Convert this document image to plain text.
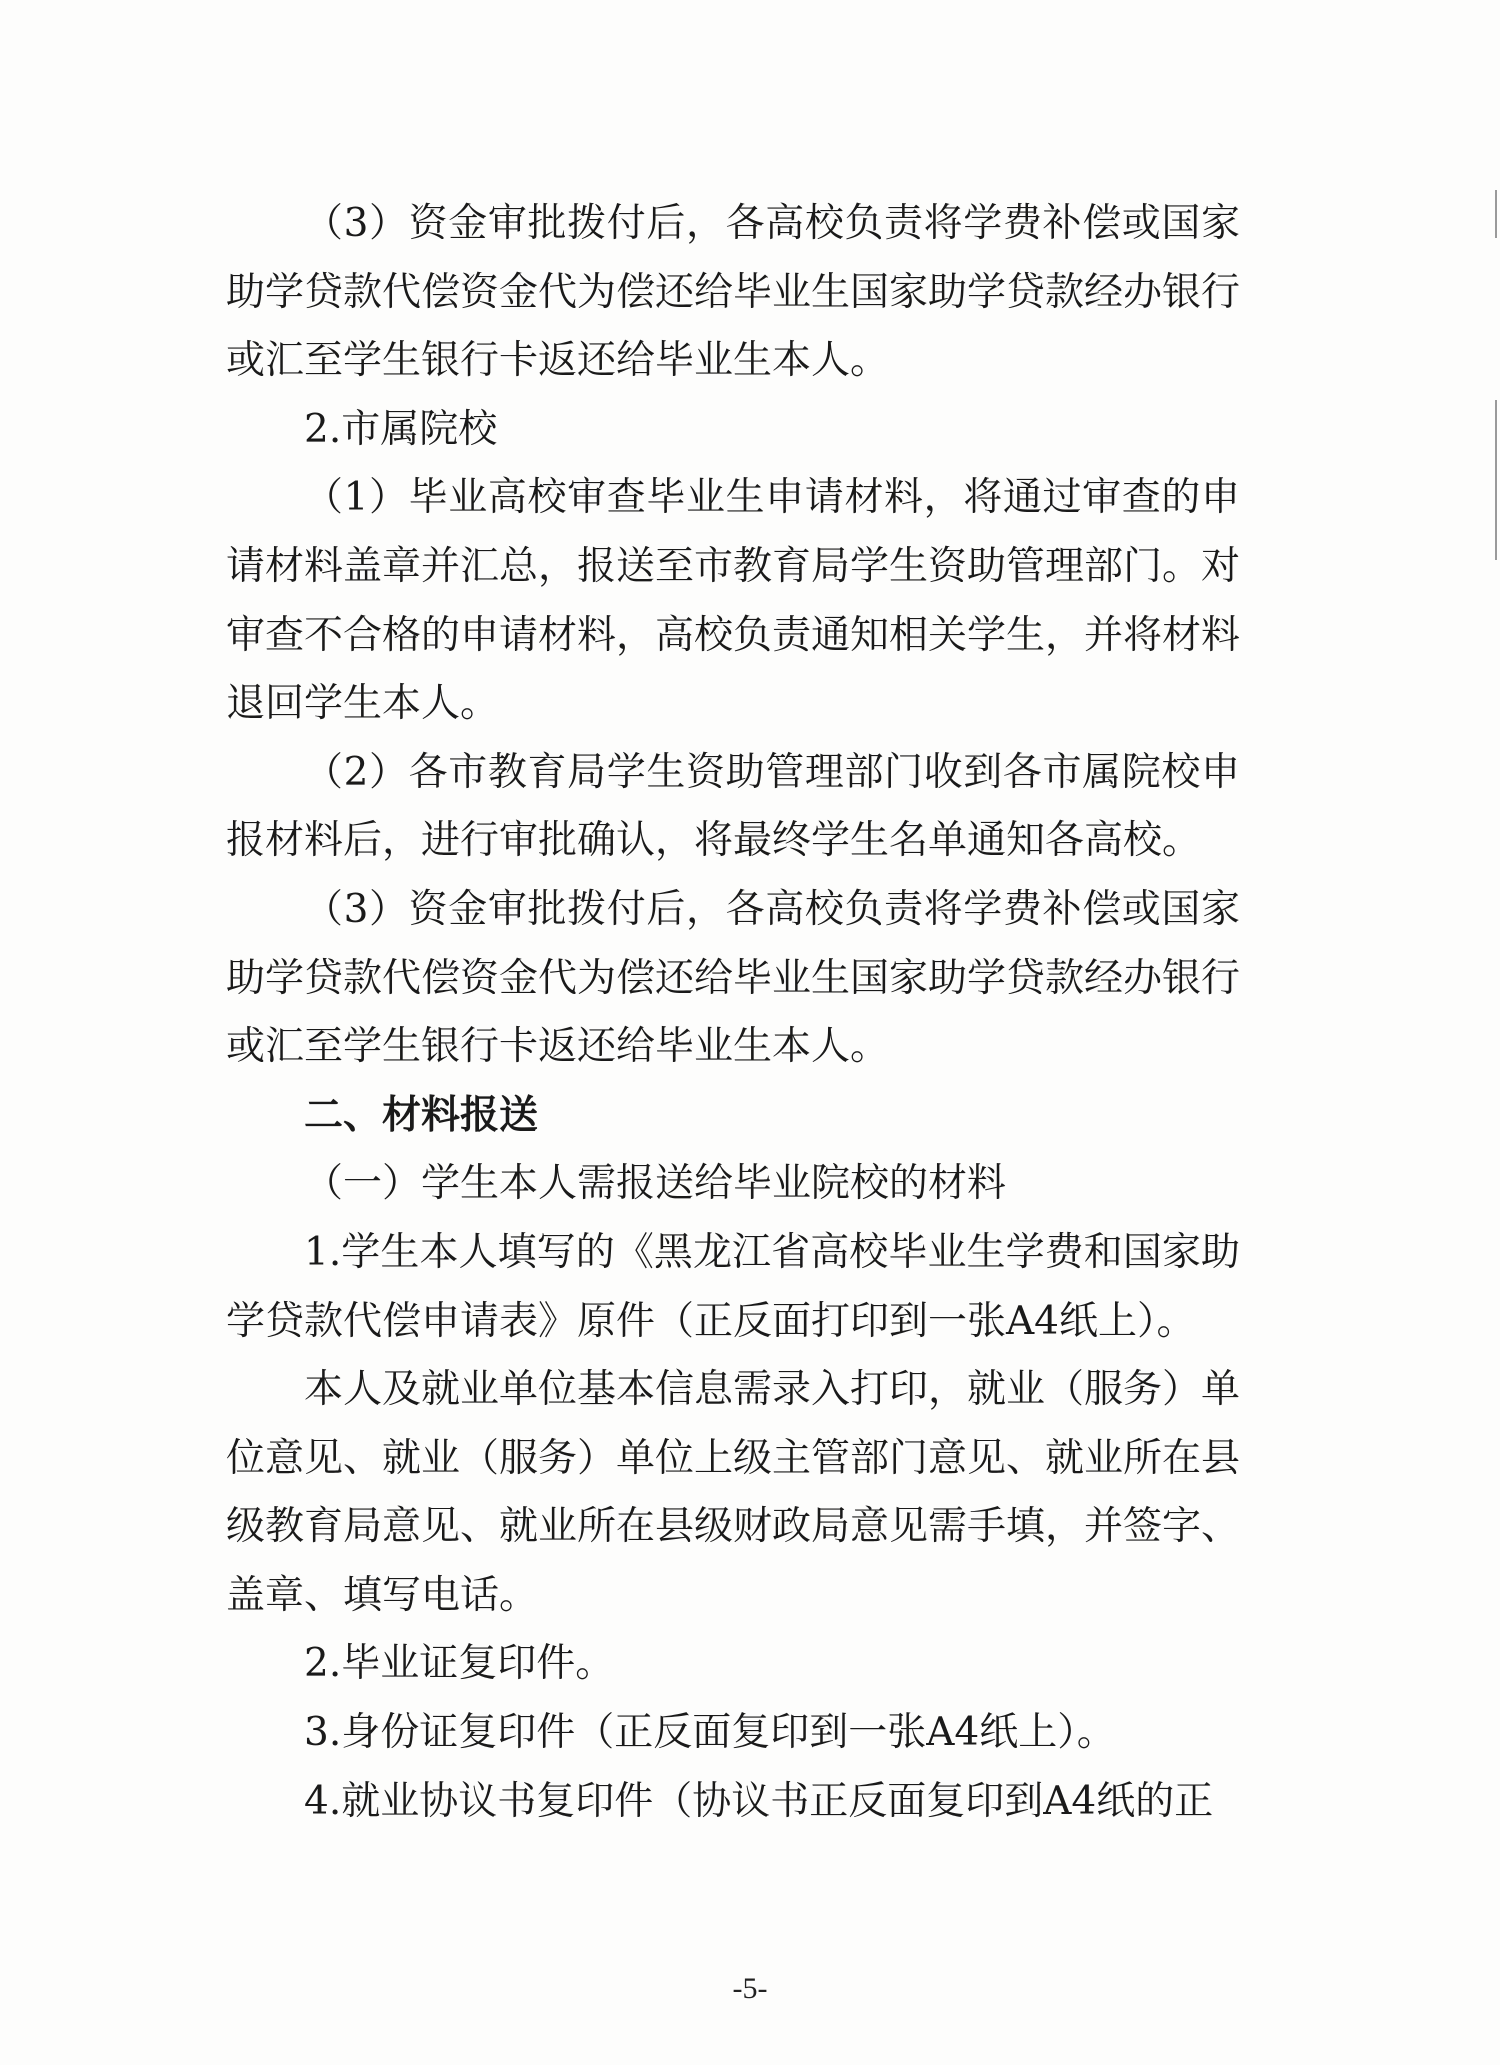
（3）资金审批拨付后，各高校负责将学费补偿或国家助学贷款代偿资金代为偿还给毕业生国家助学贷款经办银行或汇至学生银行卡返还给毕业生本人。

2.市属院校

（1）毕业高校审查毕业生申请材料，将通过审查的申请材料盖章并汇总，报送至市教育局学生资助管理部门。对审查不合格的申请材料，高校负责通知相关学生，并将材料退回学生本人。

（2）各市教育局学生资助管理部门收到各市属院校申报材料后，进行审批确认，将最终学生名单通知各高校。

（3）资金审批拨付后，各高校负责将学费补偿或国家助学贷款代偿资金代为偿还给毕业生国家助学贷款经办银行或汇至学生银行卡返还给毕业生本人。

二、材料报送

（一）学生本人需报送给毕业院校的材料

1.学生本人填写的《黑龙江省高校毕业生学费和国家助学贷款代偿申请表》原件（正反面打印到一张A4纸上）。

本人及就业单位基本信息需录入打印，就业（服务）单位意见、就业（服务）单位上级主管部门意见、就业所在县级教育局意见、就业所在县级财政局意见需手填，并签字、盖章、填写电话。

2.毕业证复印件。

3.身份证复印件（正反面复印到一张A4纸上）。

4.就业协议书复印件（协议书正反面复印到A4纸的正

-5-
